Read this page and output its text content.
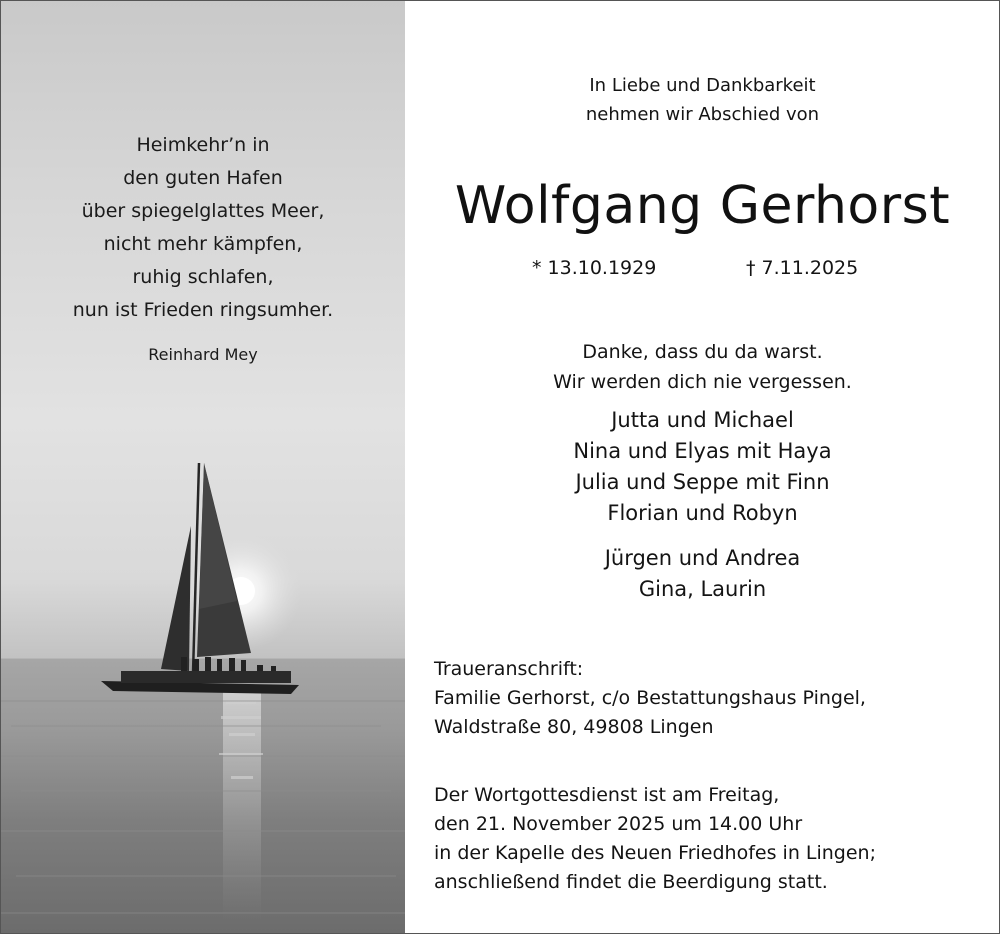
Heimkehr’n in
den guten Hafen
über spiegelglattes Meer,
nicht mehr kämpfen,
ruhig schlafen,
nun ist Frieden ringsumher.
Reinhard Mey
In Liebe und Dankbarkeit
nehmen wir Abschied von
Wolfgang Gerhorst
* 13.10.1929	† 7.11.2025
Danke, dass du da warst.
Wir werden dich nie vergessen.
Jutta und Michael
Nina und Elyas mit Haya
Julia und Seppe mit Finn
Florian und Robyn
Jürgen und Andrea
Gina, Laurin
Traueranschrift:
Familie Gerhorst, c/o Bestattungshaus Pingel,
Waldstraße 80, 49808 Lingen
Der Wortgottesdienst ist am Freitag,
den 21. November 2025 um 14.00 Uhr
in der Kapelle des Neuen Friedhofes in Lingen;
anschließend findet die Beerdigung statt.
